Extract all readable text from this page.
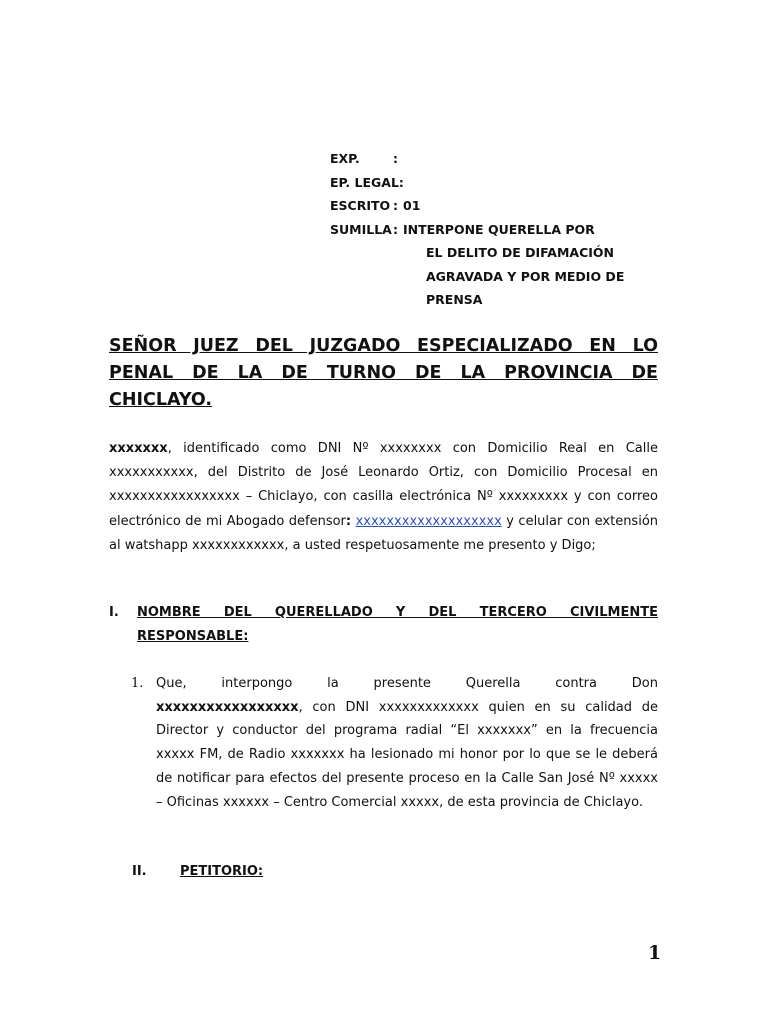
EXP.	:
EP. LEGAL:
ESCRITO : 01
SUMILLA : INTERPONE QUERELLA POR
EL DELITO DE DIFAMACIÓN
AGRAVADA Y POR MEDIO DE
PRENSA
SEÑOR JUEZ DEL JUZGADO ESPECIALIZADO EN LO
PENAL DE LA DE TURNO DE LA PROVINCIA DE
CHICLAYO.
xxxxxxx, identificado como DNI Nº xxxxxxxx con Domicilio Real en Calle xxxxxxxxxxx, del Distrito de José Leonardo Ortiz, con Domicilio Procesal en xxxxxxxxxxxxxxxxx – Chiclayo, con casilla electrónica Nº xxxxxxxxx y con correo electrónico de mi Abogado defensor: xxxxxxxxxxxxxxxxxxx y celular con extensión al watshapp xxxxxxxxxxxx, a usted respetuosamente me presento y Digo;
I. NOMBRE DEL QUERELLADO Y DEL TERCERO CIVILMENTE
RESPONSABLE:
1. Que, interpongo la presente Querella contra Don
xxxxxxxxxxxxxxxxx, con DNI xxxxxxxxxxxxx quien en su calidad de Director y conductor del programa radial “El xxxxxxx” en la frecuencia xxxxx FM, de Radio xxxxxxx ha lesionado mi honor por lo que se le deberá de notificar para efectos del presente proceso en la Calle San José Nº xxxxx – Oficinas xxxxxx – Centro Comercial xxxxx, de esta provincia de Chiclayo.
II.	PETITORIO:
1
